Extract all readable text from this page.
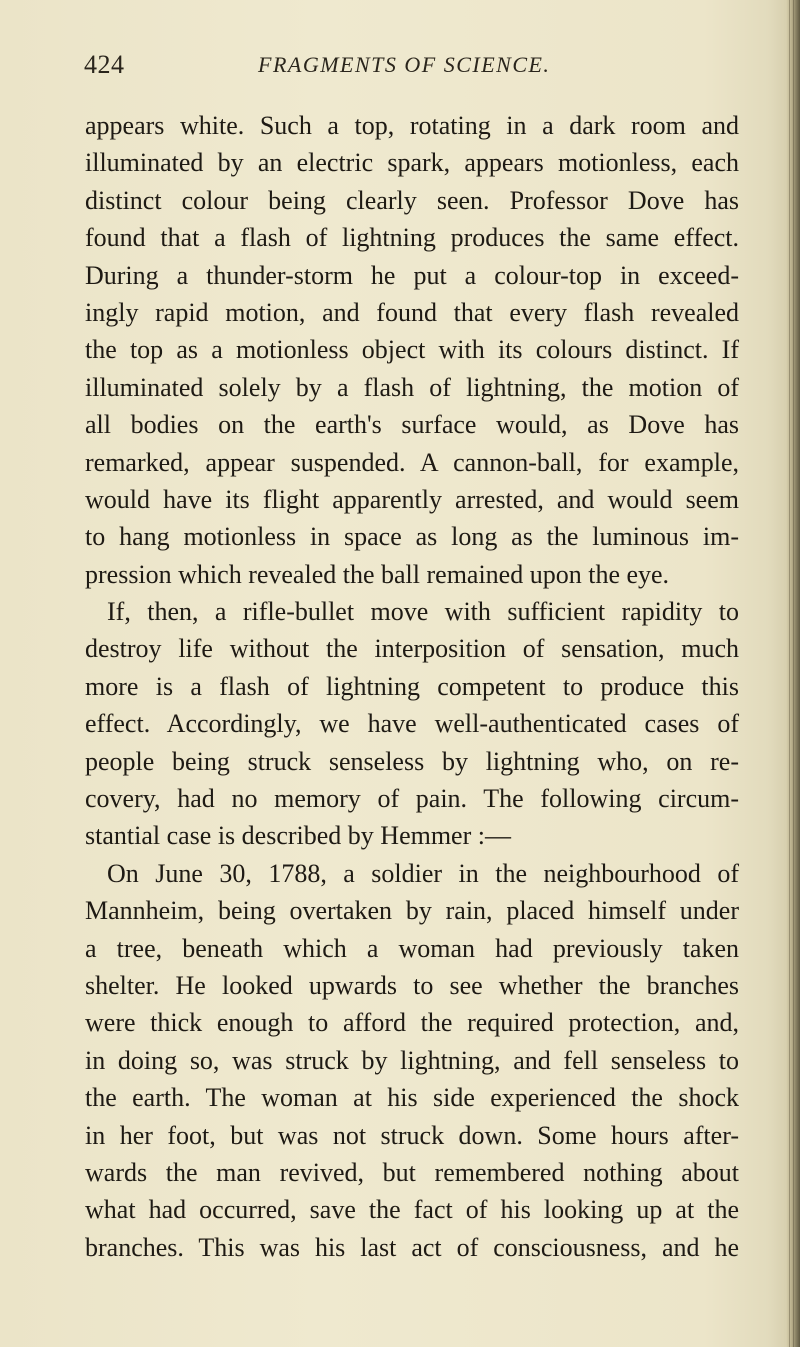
424	FRAGMENTS OF SCIENCE.
appears white. Such a top, rotating in a dark room and
illuminated by an electric spark, appears motionless, each
distinct colour being clearly seen. Professor Dove has
found that a flash of lightning produces the same effect.
During a thunder-storm he put a colour-top in exceed-
ingly rapid motion, and found that every flash revealed
the top as a motionless object with its colours distinct. If
illuminated solely by a flash of lightning, the motion of
all bodies on the earth's surface would, as Dove has
remarked, appear suspended. A cannon-ball, for example,
would have its flight apparently arrested, and would seem
to hang motionless in space as long as the luminous im-
pression which revealed the ball remained upon the eye.
If, then, a rifle-bullet move with sufficient rapidity to
destroy life without the interposition of sensation, much
more is a flash of lightning competent to produce this
effect. Accordingly, we have well-authenticated cases of
people being struck senseless by lightning who, on re-
covery, had no memory of pain. The following circum-
stantial case is described by Hemmer :—
On June 30, 1788, a soldier in the neighbourhood of
Mannheim, being overtaken by rain, placed himself under
a tree, beneath which a woman had previously taken
shelter. He looked upwards to see whether the branches
were thick enough to afford the required protection, and,
in doing so, was struck by lightning, and fell senseless to
the earth. The woman at his side experienced the shock
in her foot, but was not struck down. Some hours after-
wards the man revived, but remembered nothing about
what had occurred, save the fact of his looking up at the
branches. This was his last act of consciousness, and he
